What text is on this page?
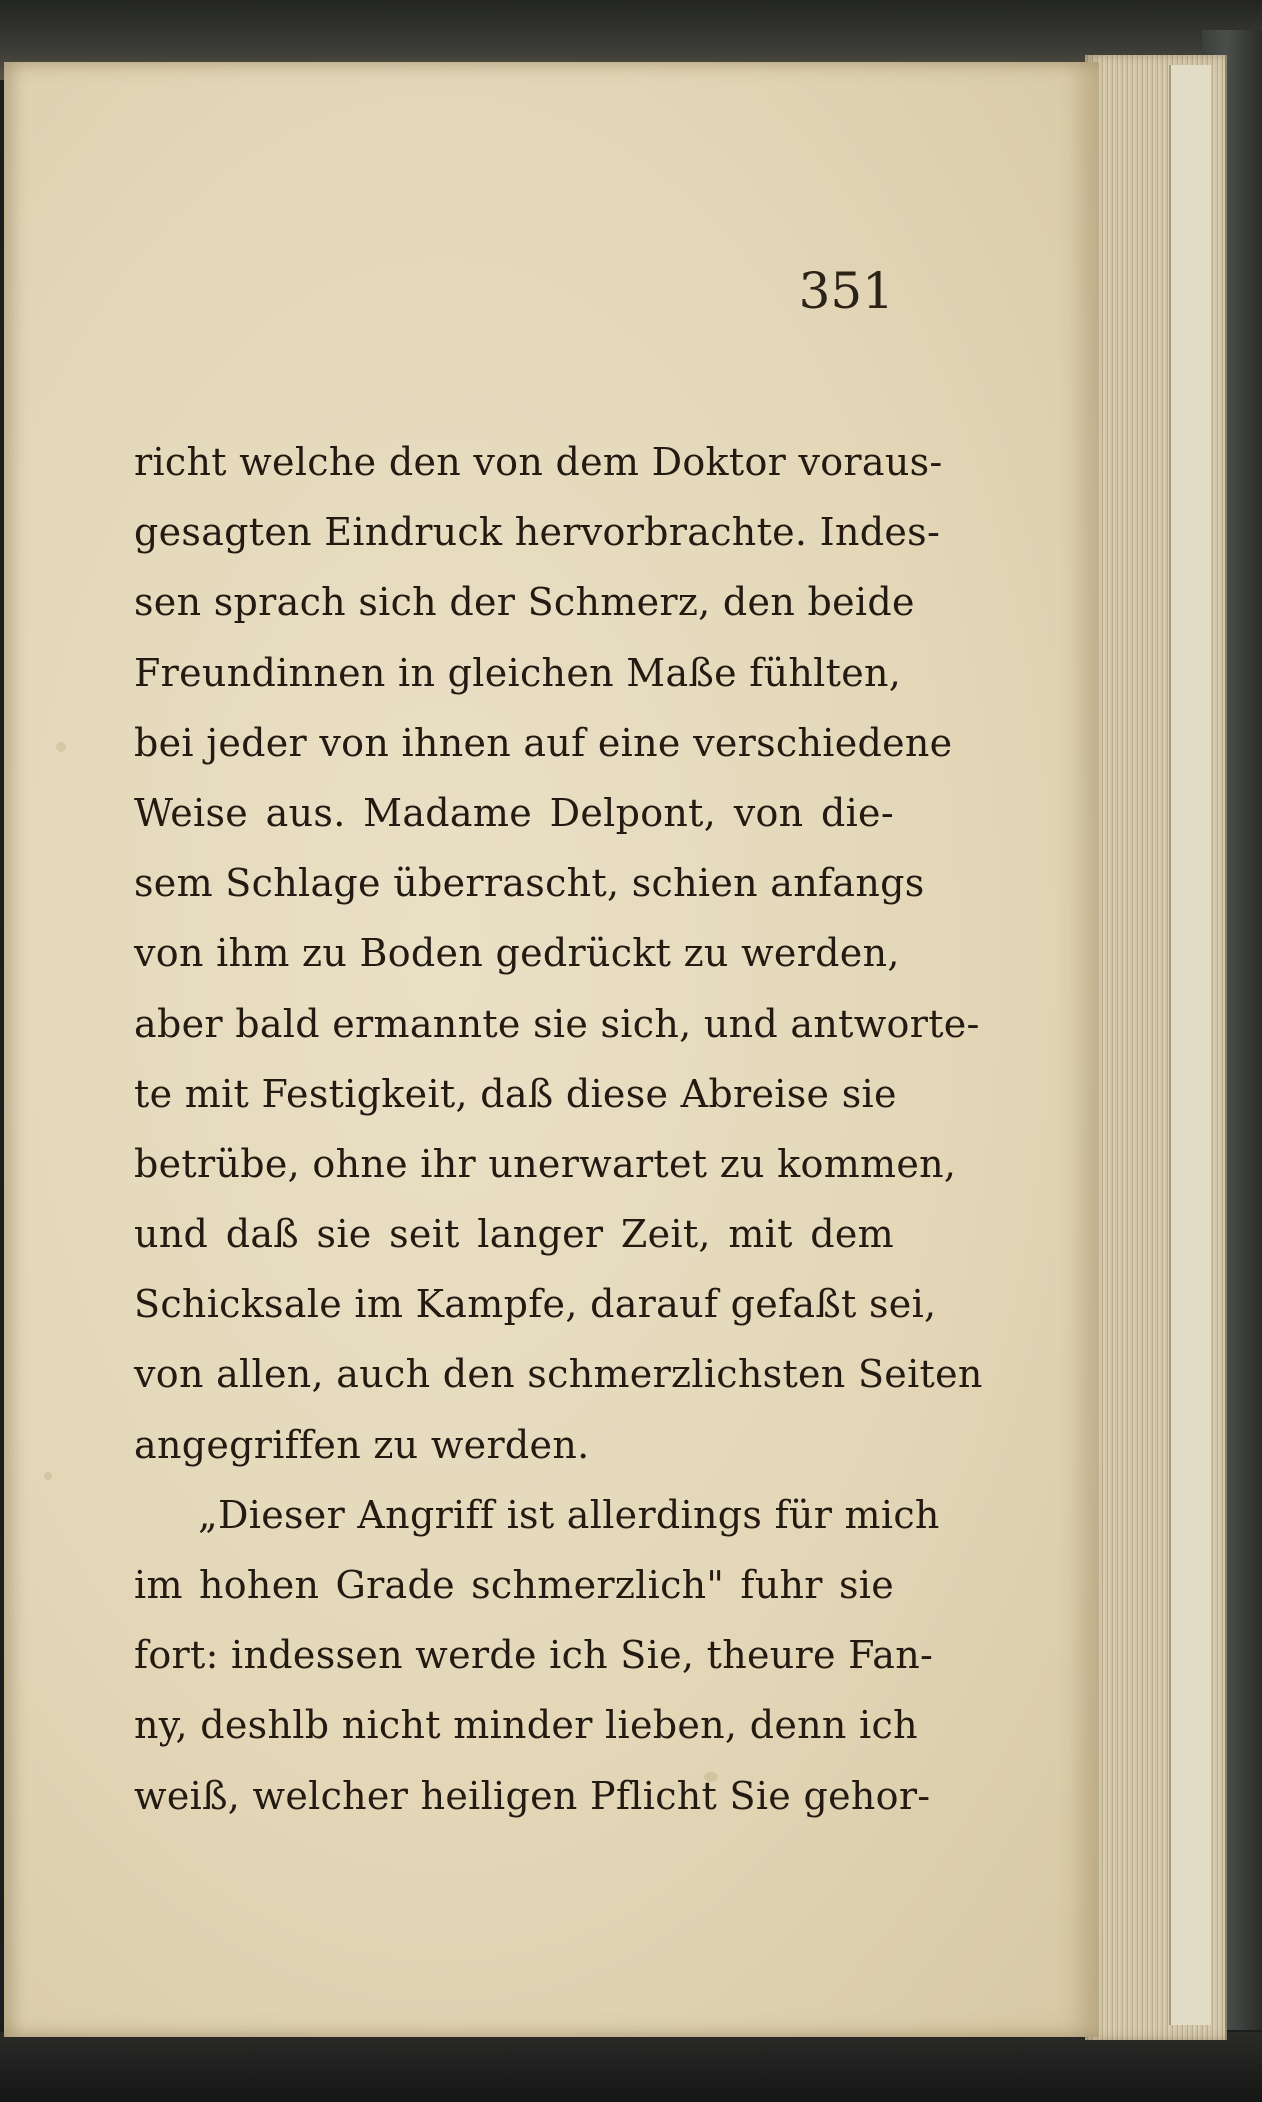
351
richt welche den von dem Doktor voraus-
gesagten Eindruck hervorbrachte. Indes-
sen sprach sich der Schmerz, den beide
Freundinnen in gleichen Maße fühlten,
bei jeder von ihnen auf eine verschiedene
Weise aus. Madame Delpont, von die-
sem Schlage überrascht, schien anfangs
von ihm zu Boden gedrückt zu werden,
aber bald ermannte sie sich, und antworte-
te mit Festigkeit, daß diese Abreise sie
betrübe, ohne ihr unerwartet zu kommen,
und daß sie seit langer Zeit, mit dem
Schicksale im Kampfe, darauf gefaßt sei,
von allen, auch den schmerzlichsten Seiten
angegriffen zu werden.
„Dieser Angriff ist allerdings für mich
im hohen Grade schmerzlich" fuhr sie
fort: indessen werde ich Sie, theure Fan-
ny, deshlb nicht minder lieben, denn ich
weiß, welcher heiligen Pflicht Sie gehor-
